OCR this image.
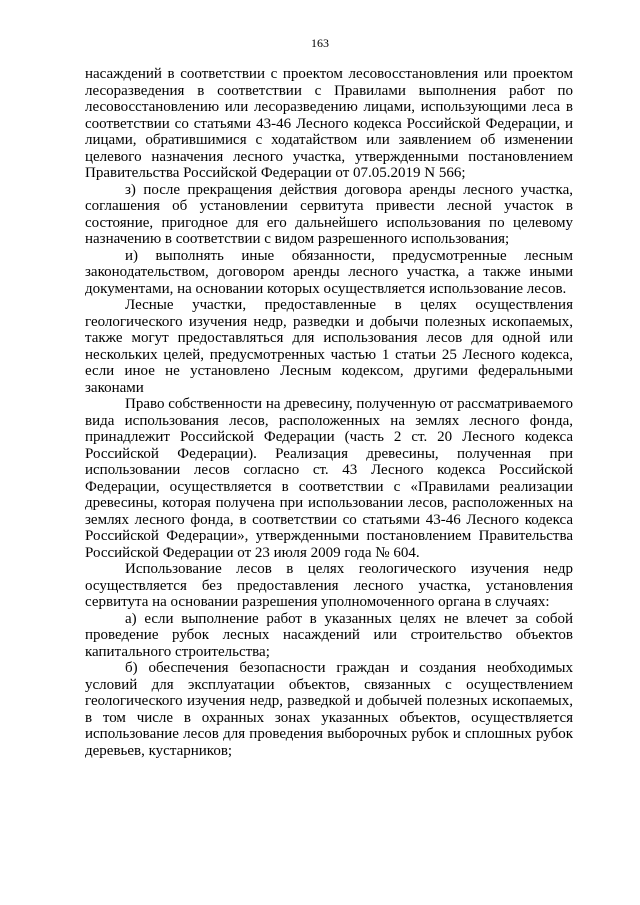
163

насаждений в соответствии с проектом лесовосстановления или проектом лесоразведения в соответствии с Правилами выполнения работ по лесовосстановлению или лесоразведению лицами, использующими леса в соответствии со статьями 43-46 Лесного кодекса Российской Федерации, и лицами, обратившимися с ходатайством или заявлением об изменении целевого назначения лесного участка, утвержденными постановлением Правительства Российской Федерации от 07.05.2019 N 566;

з) после прекращения действия договора аренды лесного участка, соглашения об установлении сервитута привести лесной участок в состояние, пригодное для его дальнейшего использования по целевому назначению в соответствии с видом разрешенного использования;

и) выполнять иные обязанности, предусмотренные лесным законодательством, договором аренды лесного участка, а также иными документами, на основании которых осуществляется использование лесов.

Лесные участки, предоставленные в целях осуществления геологического изучения недр, разведки и добычи полезных ископаемых, также могут предоставляться для использования лесов для одной или нескольких целей, предусмотренных частью 1 статьи 25 Лесного кодекса, если иное не установлено Лесным кодексом, другими федеральными законами

Право собственности на древесину, полученную от рассматриваемого вида использования лесов, расположенных на землях лесного фонда, принадлежит Российской Федерации (часть 2 ст. 20 Лесного кодекса Российской Федерации). Реализация древесины, полученная при использовании лесов согласно ст. 43 Лесного кодекса Российской Федерации, осуществляется в соответствии с «Правилами реализации древесины, которая получена при использовании лесов, расположенных на землях лесного фонда, в соответствии со статьями 43-46 Лесного кодекса Российской Федерации», утвержденными постановлением Правительства Российской Федерации от 23 июля 2009 года № 604.

Использование лесов в целях геологического изучения недр осуществляется без предоставления лесного участка, установления сервитута на основании разрешения уполномоченного органа в случаях:

а) если выполнение работ в указанных целях не влечет за собой проведение рубок лесных насаждений или строительство объектов капитального строительства;

б) обеспечения безопасности граждан и создания необходимых условий для эксплуатации объектов, связанных с осуществлением геологического изучения недр, разведкой и добычей полезных ископаемых, в том числе в охранных зонах указанных объектов, осуществляется использование лесов для проведения выборочных рубок и сплошных рубок деревьев, кустарников;
